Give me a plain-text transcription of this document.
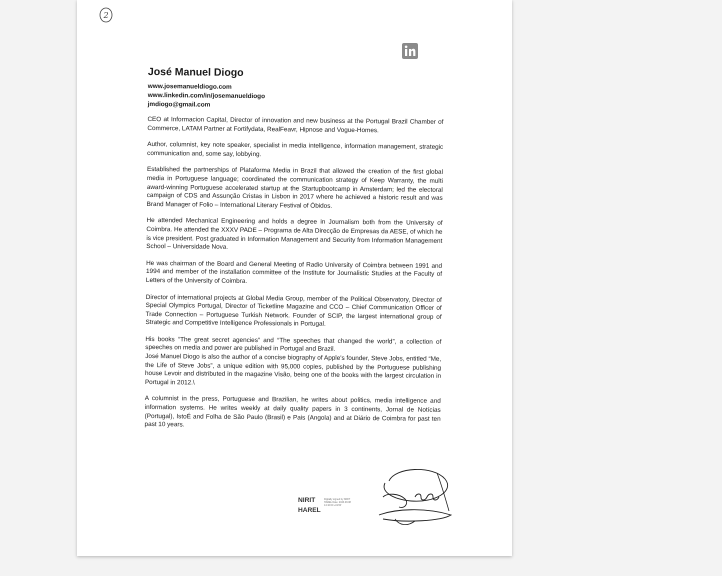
2
José Manuel Diogo

www.josemanueldiogo.com

www.linkedin.com/in/josemanueldiogo

jmdiogo@gmail.com

CEO at Informacion Capital, Director of innovation and new business at the Portugal Brazil Chamber of Commerce, LATAM Partner at Fortifydata, RealFeavr, Hipnose and Vogue-Homes.

Author, columnist, key note speaker, specialist in media intelligence, information management, strategic communication and, some say, lobbying.

Established the partnerships of Plataforma Media in Brazil that allowed the creation of the first global media in Portuguese language; coordinated the communication strategy of Keep Warranty, the multi award-winning Portuguese accelerated startup at the Startupbootcamp in Amsterdam; led the electoral campaign of CDS and Assunção Cristas in Lisbon in 2017 where he achieved a historic result and was Brand Manager of Folio – International Literary Festival of Óbidos.

He attended Mechanical Engineering and holds a degree in Journalism both from the University of Coimbra. He attended the XXXV PADE – Programa de Alta Direcção de Empresas da AESE, of which he is vice president. Post graduated in Information Management and Security from Information Management School – Universidade Nova.

He was chairman of the Board and General Meeting of Radio University of Coimbra between 1991 and 1994 and member of the installation committee of the Institute for Journalistic Studies at the Faculty of Letters of the University of Coimbra.

Director of international projects at Global Media Group, member of the Political Observatory, Director of Special Olympics Portugal, Director of Ticketline Magazine and CCO – Chief Communication Officer of Trade Connection – Portuguese Turkish Network. Founder of SCIP, the largest international group of Strategic and Competitive Intelligence Professionals in Portugal.

His books “The great secret agencies” and “The speeches that changed the world”, a collection of speeches on media and power are published in Portugal and Brazil.
José Manuel Diogo is also the author of a concise biography of Apple's founder, Steve Jobs, entitled “Me, the Life of Steve Jobs”, a unique edition with 95,000 copies, published by the Portuguese publishing house Levoir and distributed in the magazine Visão, being one of the books with the largest circulation in Portugal in 2012.\

A columnist in the press, Portuguese and Brazilian, he writes about politics, media intelligence and information systems. He writes weekly at daily quality papers in 3 continents, Jornal de Notícias (Portugal), IstoÉ and Folha de São Paulo (Brasil) e Pais (Angola) and at Diário de Coimbra for past ten past 10 years.

NIRIT
HAREL
Digitally signed by NIRIT HAREL Date: 2023.09.08 14:10:00 +01'00'
